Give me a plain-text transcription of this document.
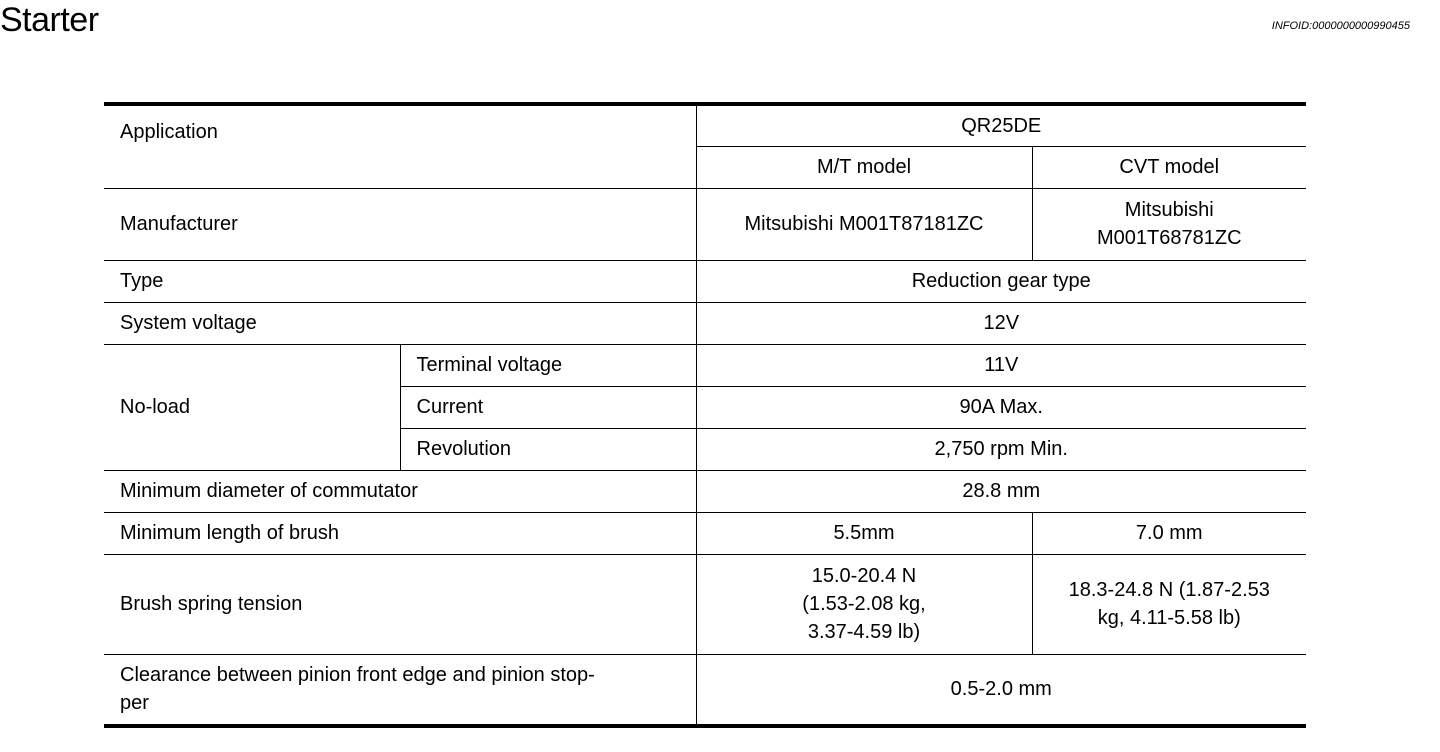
Starter	INFOID:0000000000990455
Application		QR25DE	
		M/T model	CVT model
Manufacturer		Mitsubishi M001T87181ZC	Mitsubishi
M001T68781ZC
Type		Reduction gear type	
System voltage		12V	
No-load	Terminal voltage	11V	
	Current	90A Max.	
	Revolution	2,750 rpm Min.	
Minimum diameter of commutator		28.8 mm	
Minimum length of brush		5.5mm	7.0 mm
Brush spring tension		15.0-20.4 N
(1.53-2.08 kg,
3.37-4.59 lb)	18.3-24.8 N (1.87-2.53
kg, 4.11-5.58 lb)
Clearance between pinion front edge and pinion stop-
per		0.5-2.0 mm	
